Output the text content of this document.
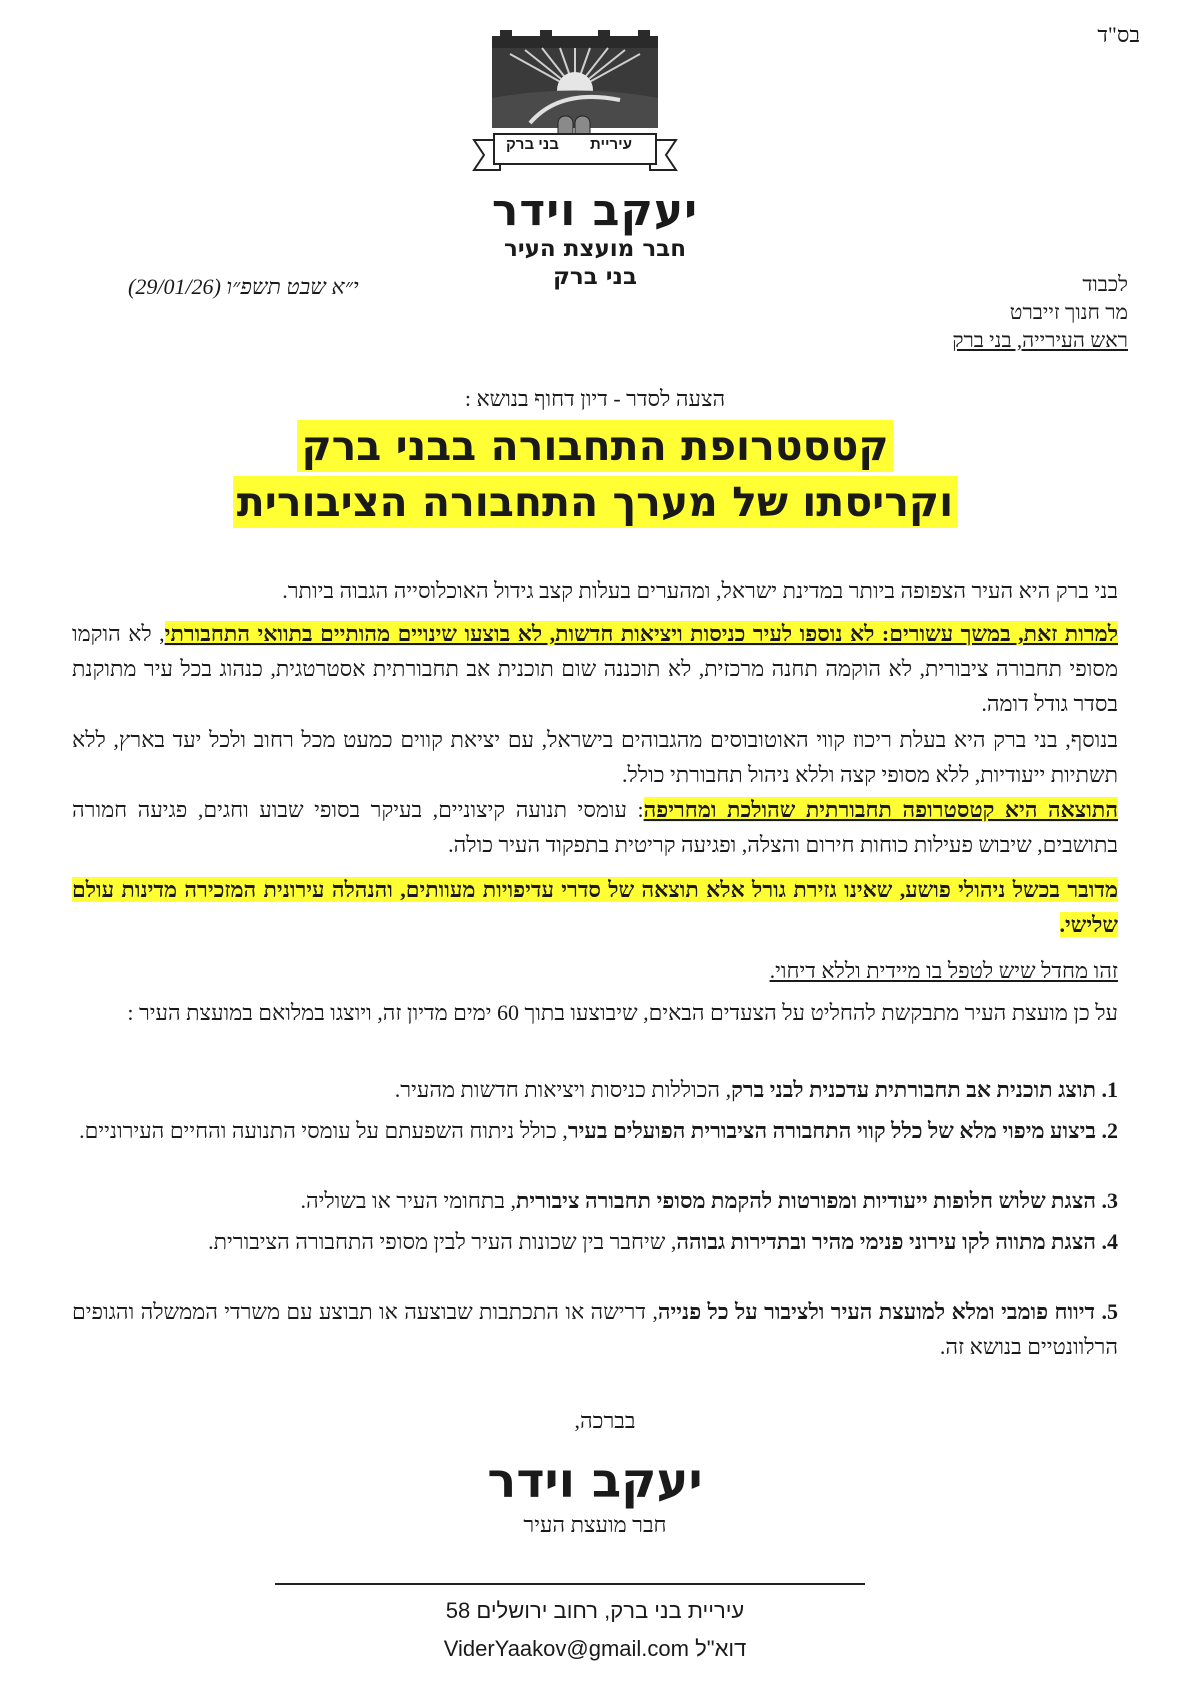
בס"ד
עיריית
בני ברק
יעקב וידר
חבר מועצת העיר
בני ברק
י״א שבט תשפ״ו (29/01/26)	לכבוד
מר חנוך זייברט
ראש העירייה, בני ברק
הצעה לסדר - דיון דחוף בנושא :
קטסטרופת התחבורה בבני ברק
וקריסתו של מערך התחבורה הציבורית
בני ברק היא העיר הצפופה ביותר במדינת ישראל, ומהערים בעלות קצב גידול האוכלוסייה הגבוה ביותר.
למרות זאת, במשך עשורים: לא נוספו לעיר כניסות ויציאות חדשות, לא בוצעו שינויים מהותיים בתוואי התחבורתי, לא הוקמו מסופי תחבורה ציבורית, לא הוקמה תחנה מרכזית, לא תוכננה שום תוכנית אב תחבורתית אסטרטגית, כנהוג בכל עיר מתוקנת בסדר גודל דומה.
בנוסף, בני ברק היא בעלת ריכוז קווי האוטובוסים מהגבוהים בישראל, עם יציאת קווים כמעט מכל רחוב ולכל יעד בארץ, ללא תשתיות ייעודיות, ללא מסופי קצה וללא ניהול תחבורתי כולל.
התוצאה היא קטסטרופה תחבורתית שהולכת ומחריפה: עומסי תנועה קיצוניים, בעיקר בסופי שבוע וחגים, פגיעה חמורה בתושבים, שיבוש פעילות כוחות חירום והצלה, ופגיעה קריטית בתפקוד העיר כולה.
מדובר בכשל ניהולי פושע, שאינו גזירת גורל אלא תוצאה של סדרי עדיפויות מעוותים, והנהלה עירונית המזכירה מדינות עולם שלישי.
זהו מחדל שיש לטפל בו מיידית וללא דיחוי.
על כן מועצת העיר מתבקשת להחליט על הצעדים הבאים, שיבוצעו בתוך 60 ימים מדיון זה, ויוצגו במלואם במועצת העיר :
1. תוצג תוכנית אב תחבורתית עדכנית לבני ברק, הכוללות כניסות ויציאות חדשות מהעיר.
2. ביצוע מיפוי מלא של כלל קווי התחבורה הציבורית הפועלים בעיר, כולל ניתוח השפעתם על עומסי התנועה והחיים העירוניים.
3. הצגת שלוש חלופות ייעודיות ומפורטות להקמת מסופי תחבורה ציבורית, בתחומי העיר או בשוליה.
4. הצגת מתווה לקו עירוני פנימי מהיר ובתדירות גבוהה, שיחבר בין שכונות העיר לבין מסופי התחבורה הציבורית.
5. דיווח פומבי ומלא למועצת העיר ולציבור על כל פנייה, דרישה או התכתבות שבוצעה או תבוצע עם משרדי הממשלה והגופים הרלוונטיים בנושא זה.
בברכה,
יעקב וידר
חבר מועצת העיר
עיריית בני ברק, רחוב ירושלים 58
ViderYaakov@gmail.com דוא"ל
